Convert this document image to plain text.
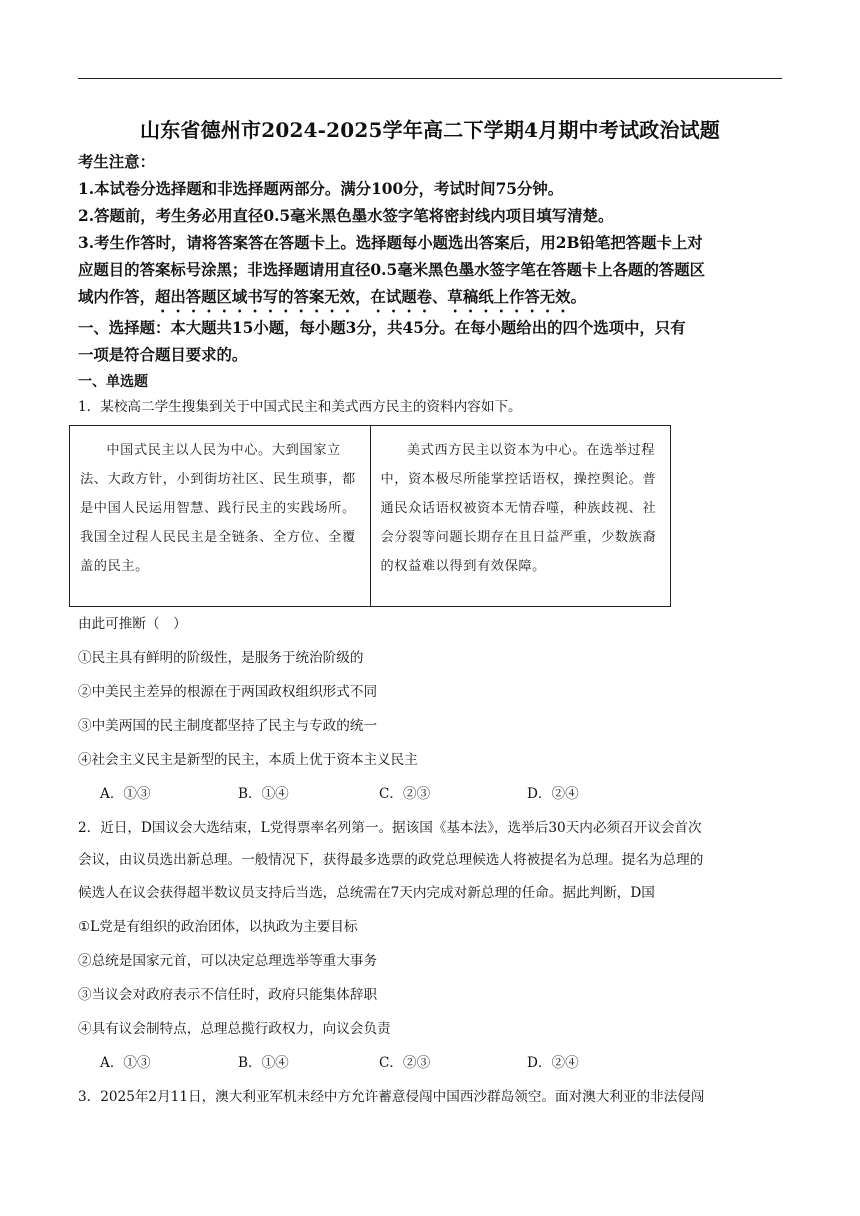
山东省德州市2024-2025学年高二下学期4月期中考试政治试题
考生注意：
1.本试卷分选择题和非选择题两部分。满分100分，考试时间75分钟。
2.答题前，考生务必用直径0.5毫米黑色墨水签字笔将密封线内项目填写清楚。
3.考生作答时，请将答案答在答题卡上。选择题每小题选出答案后，用2B铅笔把答题卡上对
应题目的答案标号涂黑；非选择题请用直径0.5毫米黑色墨水签字笔在答题卡上各题的答题区
域内作答，超出答题区域书写的答案无效，在试题卷、草稿纸上作答无效。
一、选择题：本大题共15小题，每小题3分，共45分。在每小题给出的四个选项中，只有
一项是符合题目要求的。
一、单选题
1．某校高二学生搜集到关于中国式民主和美式西方民主的资料内容如下。

中国式民主以人民为中心。大到国家立法、大政方针，小到街坊社区、民生琐事，都是中国人民运用智慧、践行民主的实践场所。我国全过程人民民主是全链条、全方位、全覆盖的民主。

美式西方民主以资本为中心。在选举过程中，资本极尽所能掌控话语权，操控舆论。普通民众话语权被资本无情吞噬，种族歧视、社会分裂等问题长期存在且日益严重，少数族裔的权益难以得到有效保障。

由此可推断（　）
①民主具有鲜明的阶级性，是服务于统治阶级的
②中美民主差异的根源在于两国政权组织形式不同
③中美两国的民主制度都坚持了民主与专政的统一
④社会主义民主是新型的民主，本质上优于资本主义民主
A．①③	B．①④	C．②③	D．②④
2．近日，D国议会大选结束，L党得票率名列第一。据该国《基本法》，选举后30天内必须召开议会首次
会议，由议员选出新总理。一般情况下，获得最多选票的政党总理候选人将被提名为总理。提名为总理的
候选人在议会获得超半数议员支持后当选，总统需在7天内完成对新总理的任命。据此判断，D国
①L党是有组织的政治团体，以执政为主要目标
②总统是国家元首，可以决定总理选举等重大事务
③当议会对政府表示不信任时，政府只能集体辞职
④具有议会制特点，总理总揽行政权力，向议会负责
A．①③	B．①④	C．②③	D．②④
3．2025年2月11日，澳大利亚军机未经中方允许蓄意侵闯中国西沙群岛领空。面对澳大利亚的非法侵闯
